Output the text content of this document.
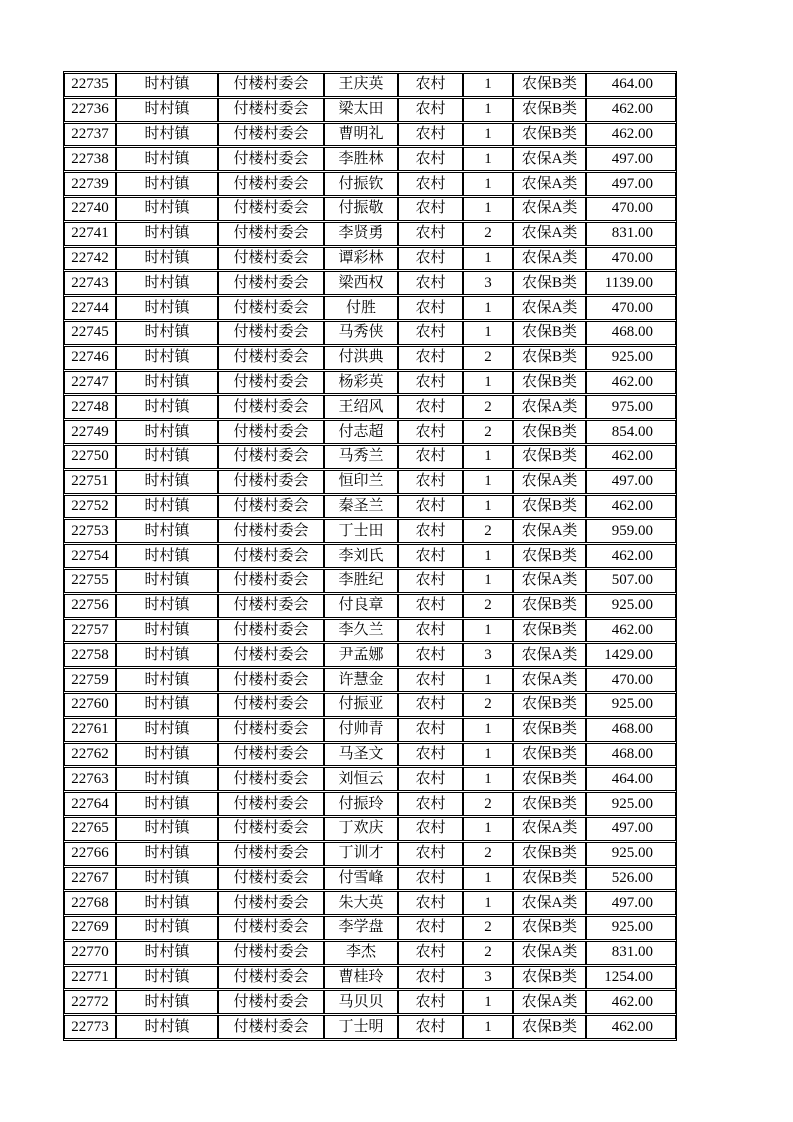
22735	时村镇	付楼村委会	王庆英	农村	1	农保B类	464.00
22736	时村镇	付楼村委会	梁太田	农村	1	农保B类	462.00
22737	时村镇	付楼村委会	曹明礼	农村	1	农保B类	462.00
22738	时村镇	付楼村委会	李胜林	农村	1	农保A类	497.00
22739	时村镇	付楼村委会	付振钦	农村	1	农保A类	497.00
22740	时村镇	付楼村委会	付振敬	农村	1	农保A类	470.00
22741	时村镇	付楼村委会	李贤勇	农村	2	农保A类	831.00
22742	时村镇	付楼村委会	谭彩林	农村	1	农保A类	470.00
22743	时村镇	付楼村委会	梁西权	农村	3	农保B类	1139.00
22744	时村镇	付楼村委会	付胜	农村	1	农保A类	470.00
22745	时村镇	付楼村委会	马秀侠	农村	1	农保B类	468.00
22746	时村镇	付楼村委会	付洪典	农村	2	农保B类	925.00
22747	时村镇	付楼村委会	杨彩英	农村	1	农保B类	462.00
22748	时村镇	付楼村委会	王绍风	农村	2	农保A类	975.00
22749	时村镇	付楼村委会	付志超	农村	2	农保B类	854.00
22750	时村镇	付楼村委会	马秀兰	农村	1	农保B类	462.00
22751	时村镇	付楼村委会	恒印兰	农村	1	农保A类	497.00
22752	时村镇	付楼村委会	秦圣兰	农村	1	农保B类	462.00
22753	时村镇	付楼村委会	丁士田	农村	2	农保A类	959.00
22754	时村镇	付楼村委会	李刘氏	农村	1	农保B类	462.00
22755	时村镇	付楼村委会	李胜纪	农村	1	农保A类	507.00
22756	时村镇	付楼村委会	付良章	农村	2	农保B类	925.00
22757	时村镇	付楼村委会	李久兰	农村	1	农保B类	462.00
22758	时村镇	付楼村委会	尹孟娜	农村	3	农保A类	1429.00
22759	时村镇	付楼村委会	许慧金	农村	1	农保A类	470.00
22760	时村镇	付楼村委会	付振亚	农村	2	农保B类	925.00
22761	时村镇	付楼村委会	付帅青	农村	1	农保B类	468.00
22762	时村镇	付楼村委会	马圣文	农村	1	农保B类	468.00
22763	时村镇	付楼村委会	刘恒云	农村	1	农保B类	464.00
22764	时村镇	付楼村委会	付振玲	农村	2	农保B类	925.00
22765	时村镇	付楼村委会	丁欢庆	农村	1	农保A类	497.00
22766	时村镇	付楼村委会	丁训才	农村	2	农保B类	925.00
22767	时村镇	付楼村委会	付雪峰	农村	1	农保B类	526.00
22768	时村镇	付楼村委会	朱大英	农村	1	农保A类	497.00
22769	时村镇	付楼村委会	李学盘	农村	2	农保B类	925.00
22770	时村镇	付楼村委会	李杰	农村	2	农保A类	831.00
22771	时村镇	付楼村委会	曹桂玲	农村	3	农保B类	1254.00
22772	时村镇	付楼村委会	马贝贝	农村	1	农保A类	462.00
22773	时村镇	付楼村委会	丁士明	农村	1	农保B类	462.00
